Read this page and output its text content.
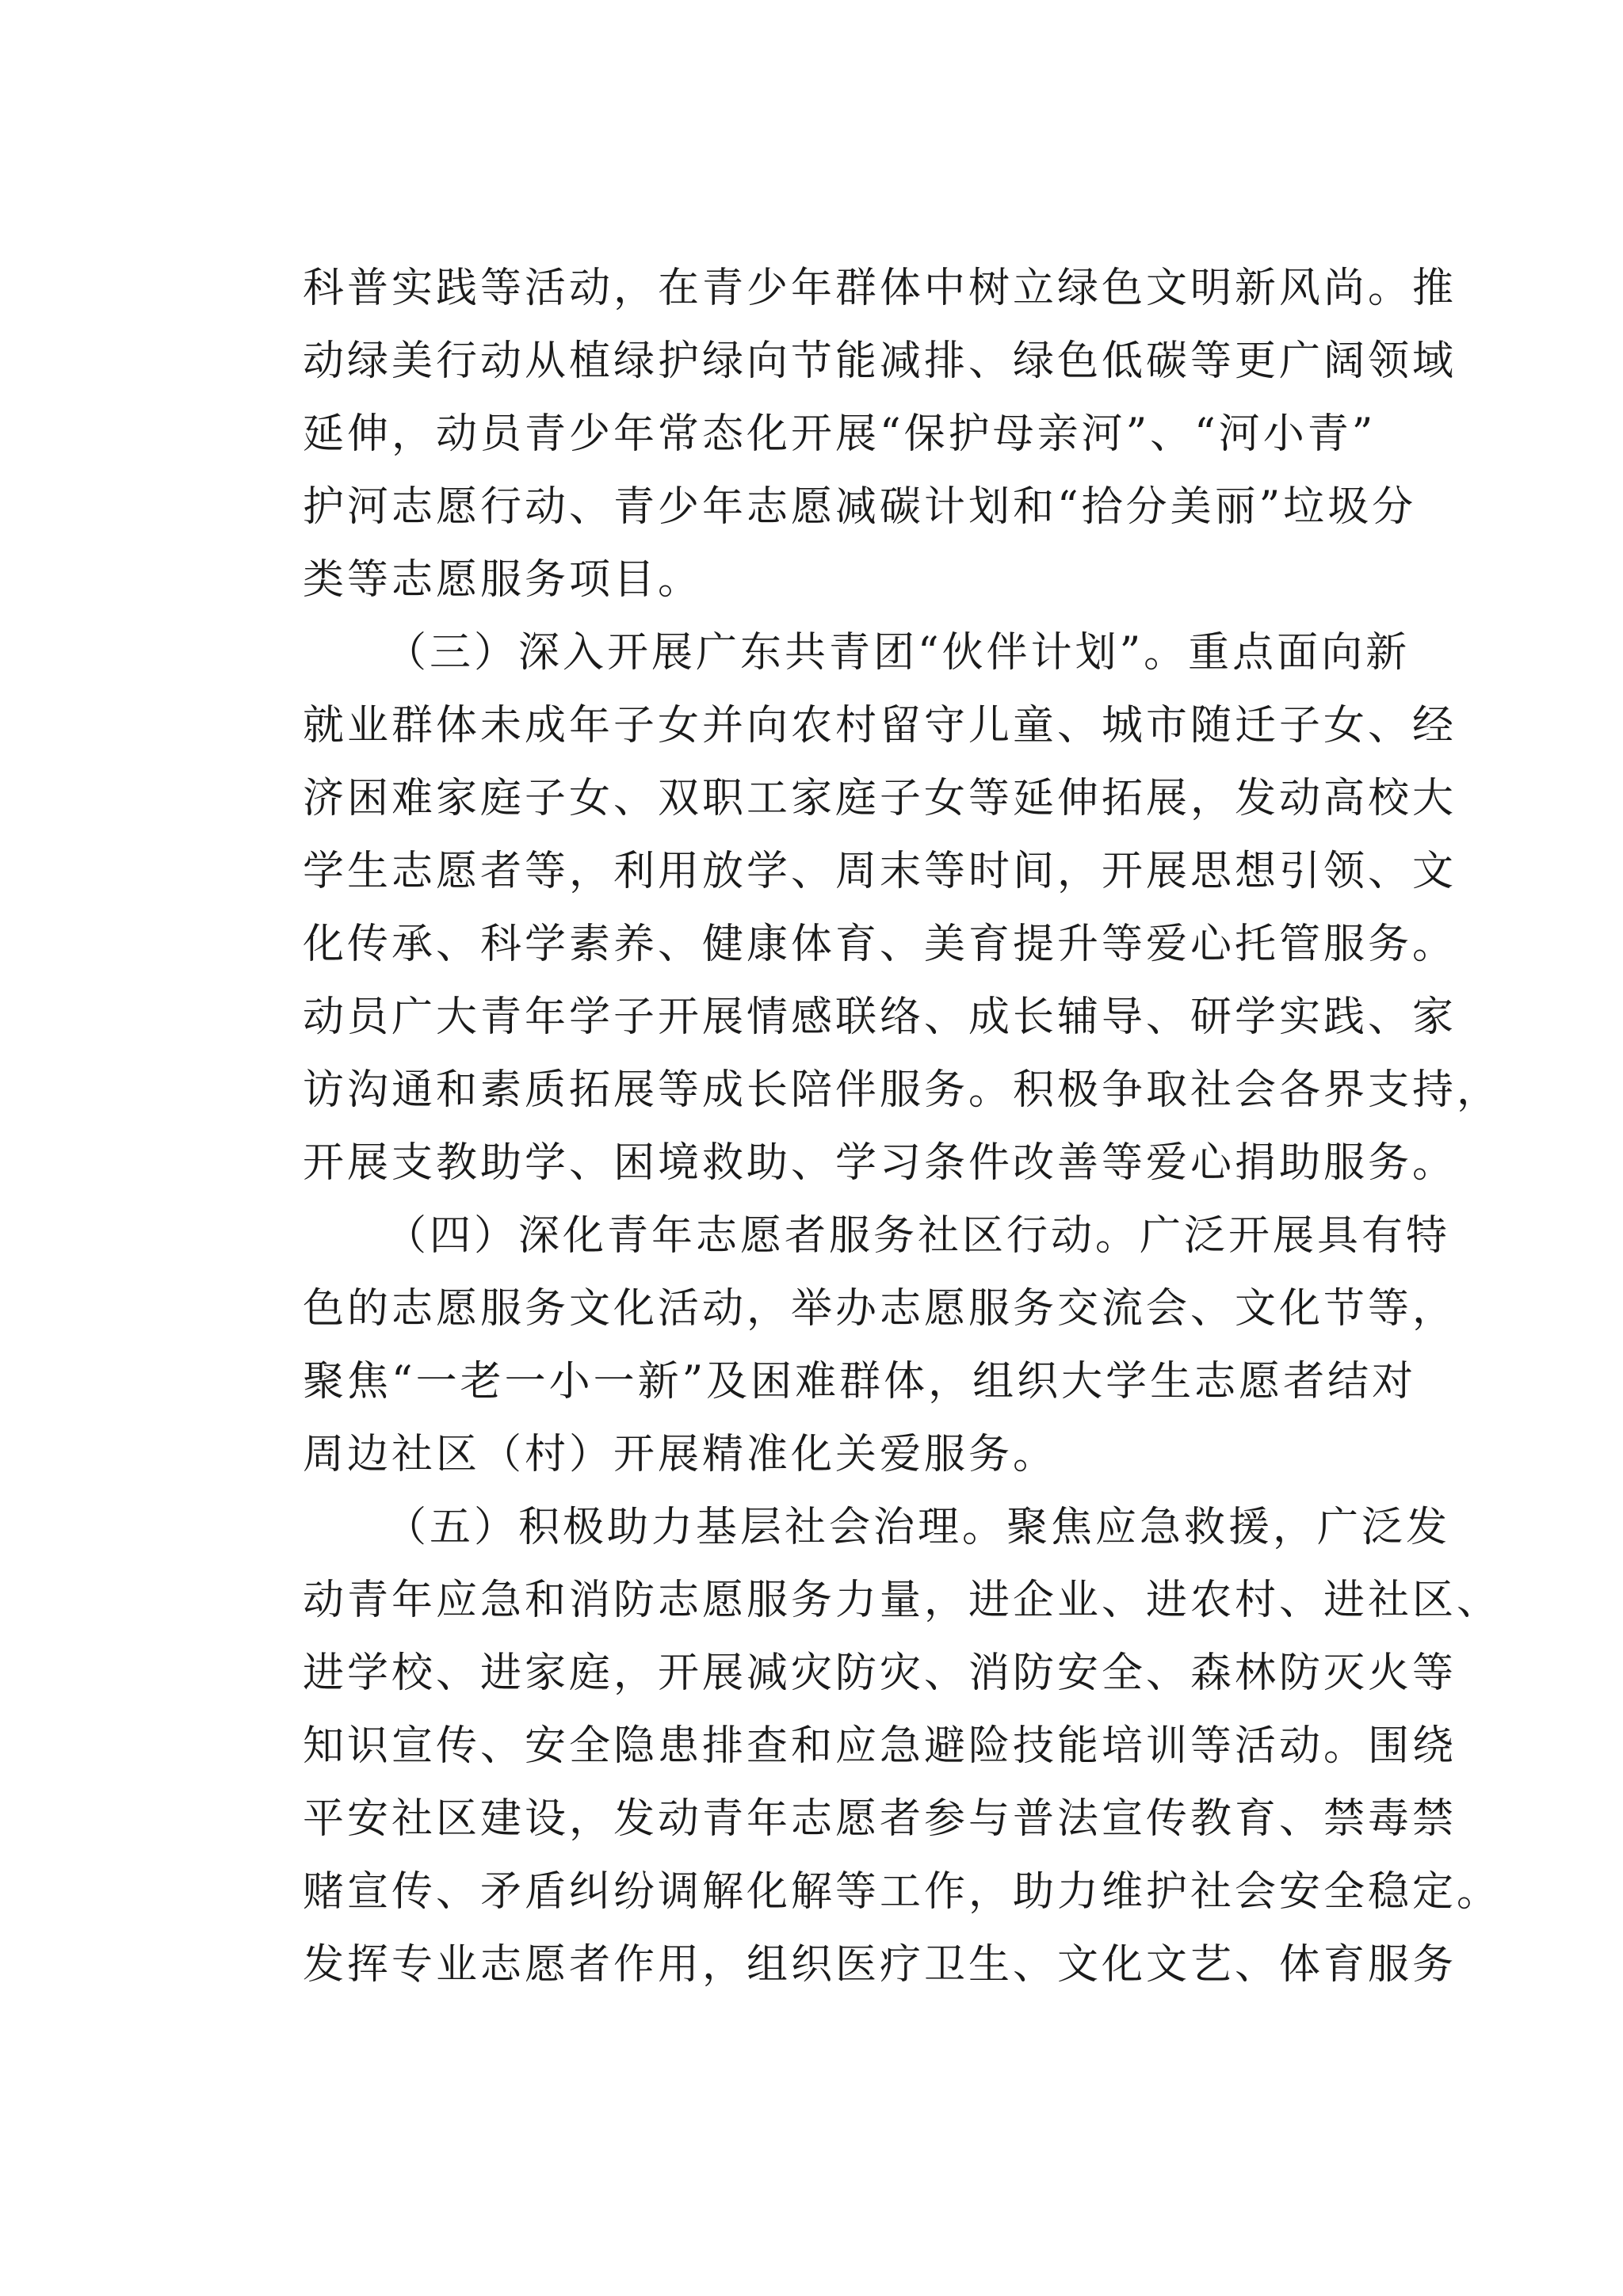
科普实践等活动，在青少年群体中树立绿色文明新风尚。推
动绿美行动从植绿护绿向节能减排、绿色低碳等更广阔领域
延伸，动员青少年常态化开展“保护母亲河”、“河小青”
护河志愿行动、青少年志愿减碳计划和“拾分美丽”垃圾分
类等志愿服务项目。
（三）深入开展广东共青团“伙伴计划”。重点面向新
就业群体未成年子女并向农村留守儿童、城市随迁子女、经
济困难家庭子女、双职工家庭子女等延伸拓展，发动高校大
学生志愿者等，利用放学、周末等时间，开展思想引领、文
化传承、科学素养、健康体育、美育提升等爱心托管服务。
动员广大青年学子开展情感联络、成长辅导、研学实践、家
访沟通和素质拓展等成长陪伴服务。积极争取社会各界支持，
开展支教助学、困境救助、学习条件改善等爱心捐助服务。
（四）深化青年志愿者服务社区行动。广泛开展具有特
色的志愿服务文化活动，举办志愿服务交流会、文化节等，
聚焦“一老一小一新”及困难群体，组织大学生志愿者结对
周边社区（村）开展精准化关爱服务。
（五）积极助力基层社会治理。聚焦应急救援，广泛发
动青年应急和消防志愿服务力量，进企业、进农村、进社区、
进学校、进家庭，开展减灾防灾、消防安全、森林防灭火等
知识宣传、安全隐患排查和应急避险技能培训等活动。围绕
平安社区建设，发动青年志愿者参与普法宣传教育、禁毒禁
赌宣传、矛盾纠纷调解化解等工作，助力维护社会安全稳定。
发挥专业志愿者作用，组织医疗卫生、文化文艺、体育服务
